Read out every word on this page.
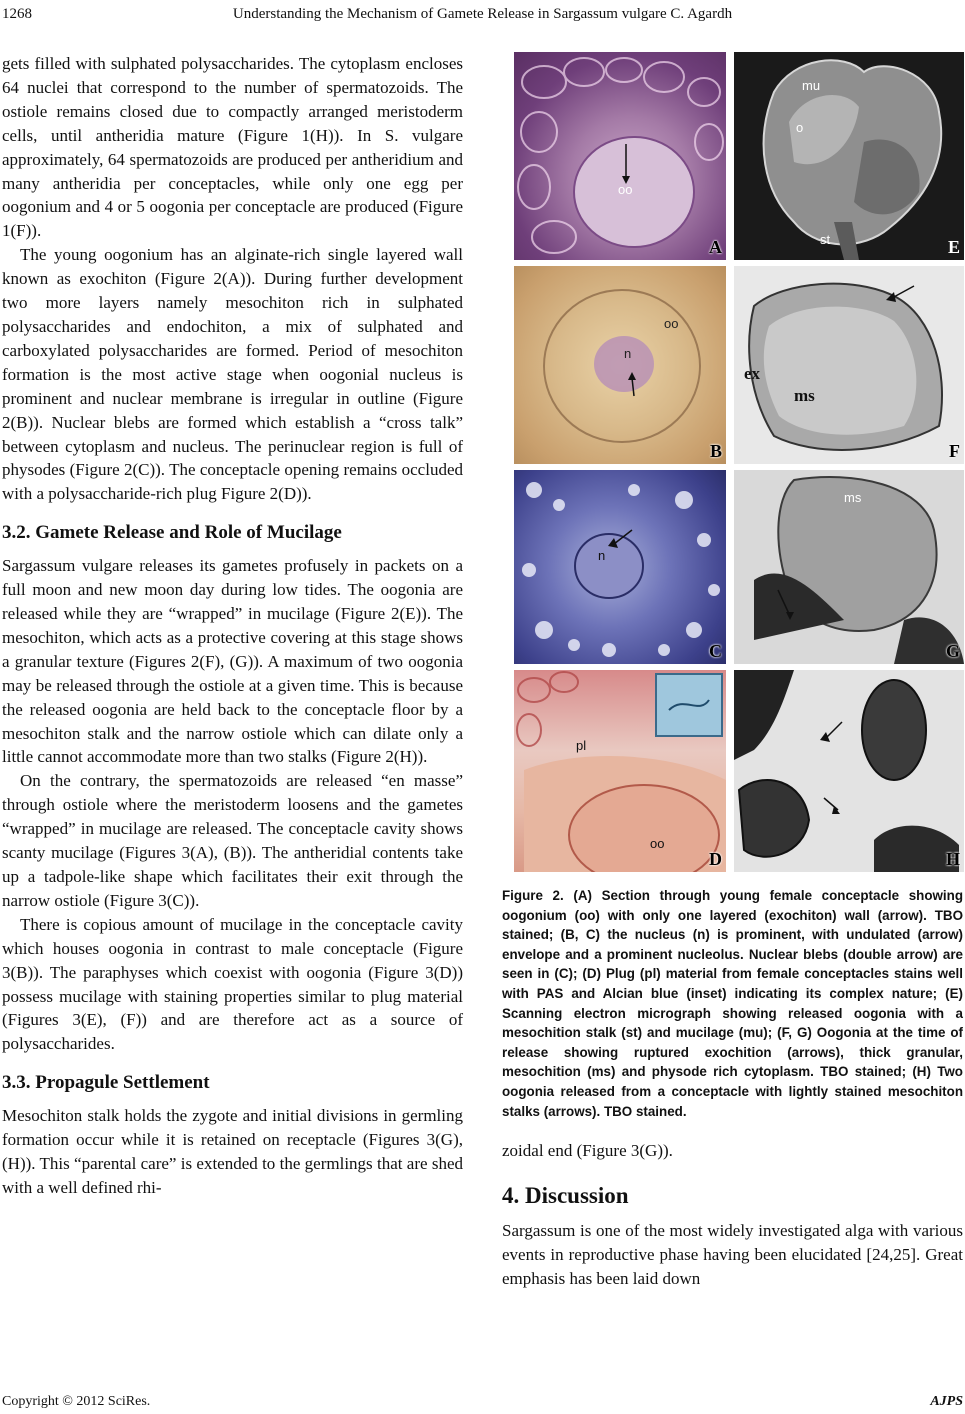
1268	Understanding the Mechanism of Gamete Release in Sargassum vulgare C. Agardh

gets filled with sulphated polysaccharides. The cytoplasm encloses 64 nuclei that correspond to the number of spermatozoids. The ostiole remains closed due to compactly arranged meristoderm cells, until antheridia mature (Figure 1(H)). In S. vulgare approximately, 64 spermatozoids are produced per antheridium and many antheridia per conceptacles, while only one egg per oogonium and 4 or 5 oogonia per conceptacle are produced (Figure 1(F)).

The young oogonium has an alginate-rich single layered wall known as exochiton (Figure 2(A)). During further development two more layers namely mesochiton rich in sulphated polysaccharides and endochiton, a mix of sulphated and carboxylated polysaccharides are formed. Period of mesochiton formation is the most active stage when oogonial nucleus is prominent and nuclear membrane is irregular in outline (Figure 2(B)). Nuclear blebs are formed which establish a “cross talk” between cytoplasm and nucleus. The perinuclear region is full of physodes (Figure 2(C)). The conceptacle opening remains occluded with a polysaccharide-rich plug Figure 2(D)).

3.2. Gamete Release and Role of Mucilage

Sargassum vulgare releases its gametes profusely in packets on a full moon and new moon day during low tides. The oogonia are released while they are “wrapped” in mucilage (Figure 2(E)). The mesochiton, which acts as a protective covering at this stage shows a granular texture (Figures 2(F), (G)). A maximum of two oogonia may be released through the ostiole at a given time. This is because the released oogonia are held back to the conceptacle floor by a mesochiton stalk and the narrow ostiole which can dilate only a little cannot accommodate more than two stalks (Figure 2(H)).

On the contrary, the spermatozoids are released “en masse” through ostiole where the meristoderm loosens and the gametes “wrapped” in mucilage are released. The conceptacle cavity shows scanty mucilage (Figures 3(A), (B)). The antheridial contents take up a tadpole-like shape which facilitates their exit through the narrow ostiole (Figure 3(C)).

There is copious amount of mucilage in the conceptacle cavity which houses oogonia in contrast to male conceptacle (Figure 3(B)). The paraphyses which coexist with oogonia (Figure 3(D)) possess mucilage with staining properties similar to plug material (Figures 3(E), (F)) and are therefore act as a source of polysaccharides.

3.3. Propagule Settlement

Mesochiton stalk holds the zygote and initial divisions in germling formation occur while it is retained on receptacle (Figures 3(G), (H)). This “parental care” is extended to the germlings that are shed with a well defined rhi-

oo
A
mu
o
st	E
oo
n
B
ex
ms
F
n
C
ms
G
pl
oo
D	H

Figure 2. (A) Section through young female conceptacle showing oogonium (oo) with only one layered (exochiton) wall (arrow). TBO stained; (B, C) the nucleus (n) is prominent, with undulated (arrow) envelope and a prominent nucleolus. Nuclear blebs (double arrow) are seen in (C); (D) Plug (pl) material from female conceptacles stains well with PAS and Alcian blue (inset) indicating its complex nature; (E) Scanning electron micrograph showing released oogonia with a mesochition stalk (st) and mucilage (mu); (F, G) Oogonia at the time of release showing ruptured exochition (arrows), thick granular, mesochition (ms) and physode rich cytoplasm. TBO stained; (H) Two oogonia released from a conceptacle with lightly stained mesochiton stalks (arrows). TBO stained.

zoidal end (Figure 3(G)).

4. Discussion

Sargassum is one of the most widely investigated alga with various events in reproductive phase having been elucidated [24,25]. Great emphasis has been laid down

Copyright © 2012 SciRes.	AJPS
